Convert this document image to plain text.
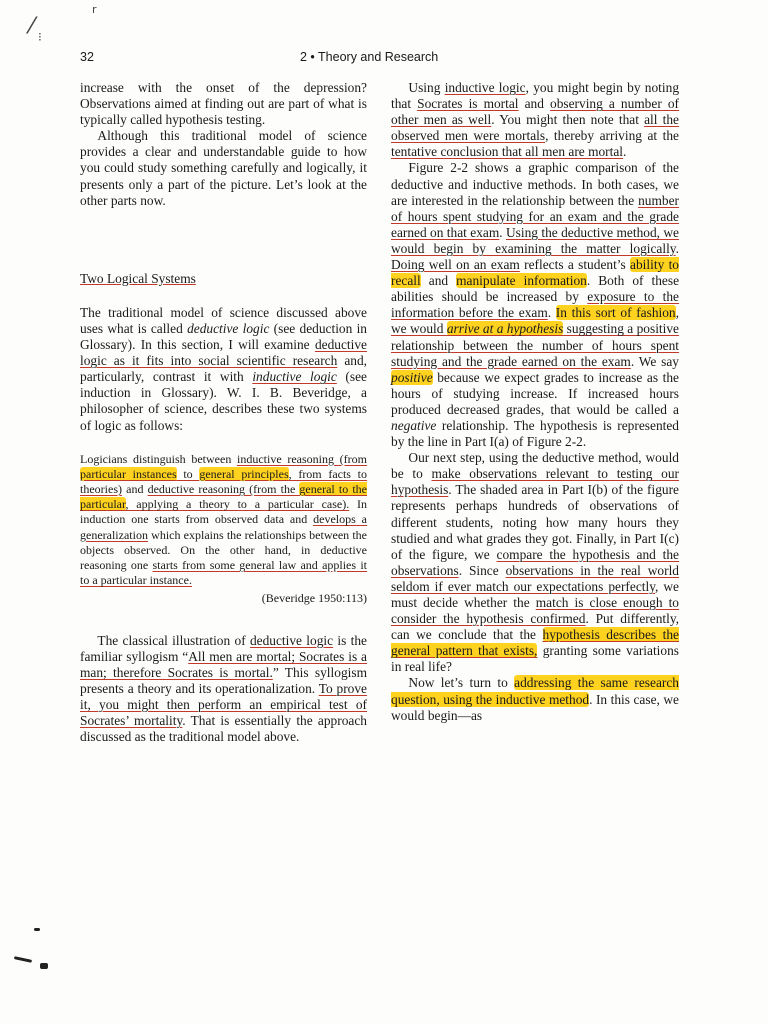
⁄
r
⁝
32	2 • Theory and Research

increase with the onset of the depression? Observations aimed at finding out are part of what is typically called hypothesis testing.

Although this traditional model of science provides a clear and understandable guide to how you could study something carefully and logically, it presents only a part of the picture. Let’s look at the other parts now.

Two Logical Systems

The traditional model of science discussed above uses what is called deductive logic (see deduction in Glossary). In this section, I will examine deductive logic as it fits into social scientific research and, particularly, contrast it with inductive logic (see induction in Glossary). W. I. B. Beveridge, a philosopher of science, describes these two systems of logic as follows:

Logicians distinguish between inductive reasoning (from particular instances to general principles, from facts to theories) and deductive reasoning (from the general to the particular, applying a theory to a particular case). In induction one starts from observed data and develops a generalization which explains the relationships between the objects observed. On the other hand, in deductive reasoning one starts from some general law and applies it to a particular instance.

(Beveridge 1950:113)

The classical illustration of deductive logic is the familiar syllogism “All men are mortal; Socrates is a man; therefore Socrates is mortal.” This syllogism presents a theory and its operationalization. To prove it, you might then perform an empirical test of Socrates’ mortality. That is essentially the approach discussed as the traditional model above.

Using inductive logic, you might begin by noting that Socrates is mortal and observing a number of other men as well. You might then note that all the observed men were mortals, thereby arriving at the tentative conclusion that all men are mortal.

Figure 2-2 shows a graphic comparison of the deductive and inductive methods. In both cases, we are interested in the relationship between the number of hours spent studying for an exam and the grade earned on that exam. Using the deductive method, we would begin by examining the matter logically. Doing well on an exam reflects a student’s ability to recall and manipulate information. Both of these abilities should be increased by exposure to the information before the exam. In this sort of fashion, we would arrive at a hypothesis suggesting a positive relationship between the number of hours spent studying and the grade earned on the exam. We say positive because we expect grades to increase as the hours of studying increase. If increased hours produced decreased grades, that would be called a negative relationship. The hypothesis is represented by the line in Part I(a) of Figure 2-2.

Our next step, using the deductive method, would be to make observations relevant to testing our hypothesis. The shaded area in Part I(b) of the figure represents perhaps hundreds of observations of different students, noting how many hours they studied and what grades they got. Finally, in Part I(c) of the figure, we compare the hypothesis and the observations. Since observations in the real world seldom if ever match our expectations perfectly, we must decide whether the match is close enough to consider the hypothesis confirmed. Put differently, can we conclude that the hypothesis describes the general pattern that exists, granting some variations in real life?

Now let’s turn to addressing the same research question, using the inductive method. In this case, we would begin—as
